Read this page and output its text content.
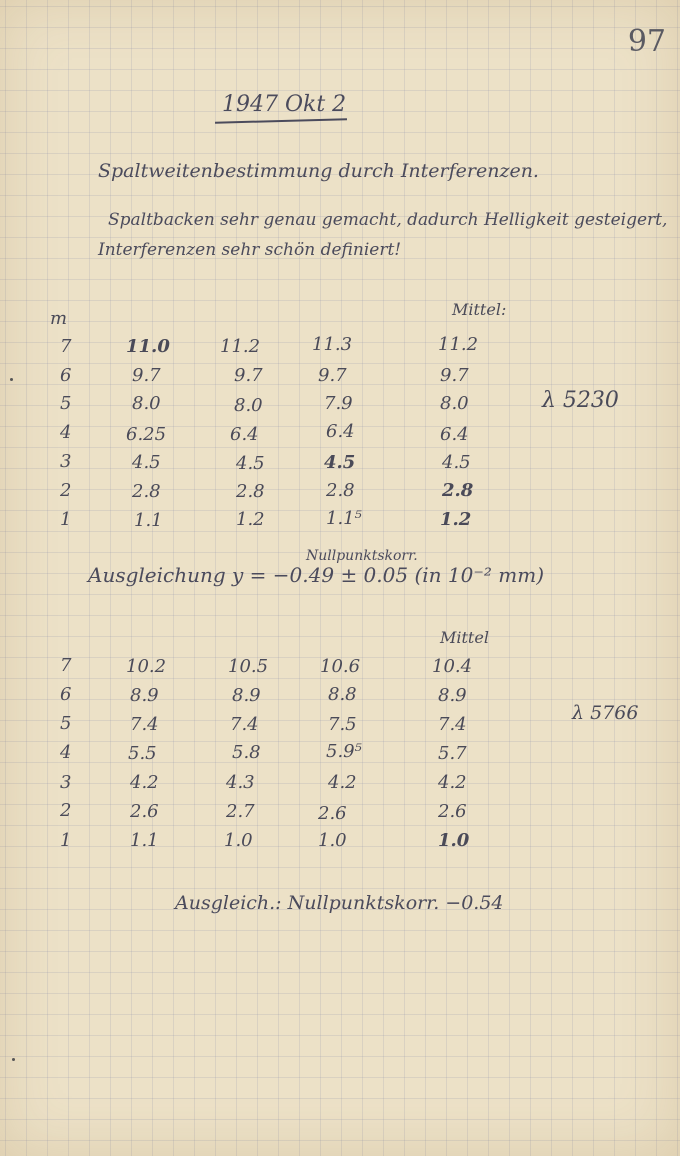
97
1947 Okt 2
Spaltweitenbestimmung durch Interferenzen.
Spaltbacken sehr genau gemacht, dadurch Helligkeit gesteigert,
Interferenzen sehr schön definiert!
m	Mittel:
7	11.0	11.2	11.3	11.2
6	9.7	9.7	9.7	9.7
5	8.0	8.0	7.9	8.0
4	6.25	6.4	6.4	6.4
3	4.5	4.5	4.5	4.5
2	2.8	2.8	2.8	2.8
1	1.1	1.2	1.1⁵	1.2
λ 5230
Nullpunktskorr.
Ausgleichung y = −0.49 ± 0.05 (in 10⁻² mm)
Mittel
7	10.2	10.5	10.6	10.4
6	8.9	8.9	8.8	8.9
5	7.4	7.4	7.5	7.4
4	5.5	5.8	5.9⁵	5.7
3	4.2	4.3	4.2	4.2
2	2.6	2.7	2.6	2.6
1	1.1	1.0	1.0	1.0
λ 5766
Ausgleich.: Nullpunktskorr. −0.54
